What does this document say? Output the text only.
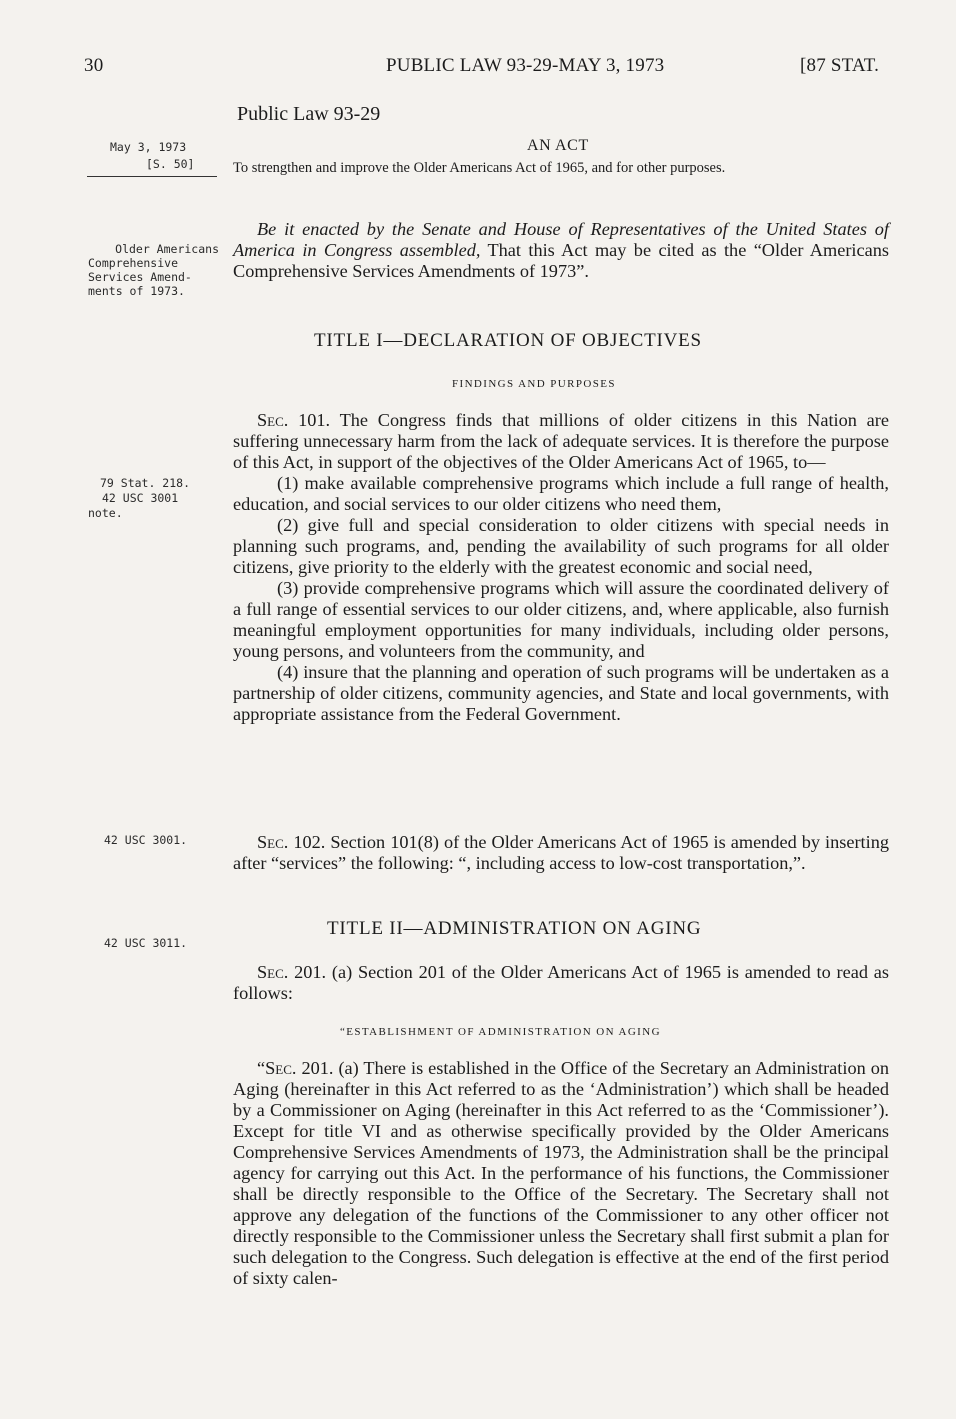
30	PUBLIC LAW 93-29-MAY 3, 1973	[87 STAT.
May 3, 1973
[S. 50]
Older Americans
Comprehensive
Services Amend-
ments of 1973.
79 Stat. 218.
42 USC 3001
note.
42 USC 3001.
42 USC 3011.
Public Law 93-29
AN ACT
To strengthen and improve the Older Americans Act of 1965, and for other purposes.

Be it enacted by the Senate and House of Representatives of the United States of America in Congress assembled, That this Act may be cited as the “Older Americans Comprehensive Services Amendments of 1973”.

TITLE I—DECLARATION OF OBJECTIVES
FINDINGS AND PURPOSES

Sec. 101. The Congress finds that millions of older citizens in this Nation are suffering unnecessary harm from the lack of adequate services. It is therefore the purpose of this Act, in support of the objectives of the Older Americans Act of 1965, to—

(1) make available comprehensive programs which include a full range of health, education, and social services to our older citizens who need them,

(2) give full and special consideration to older citizens with special needs in planning such programs, and, pending the availability of such programs for all older citizens, give priority to the elderly with the greatest economic and social need,

(3) provide comprehensive programs which will assure the coordinated delivery of a full range of essential services to our older citizens, and, where applicable, also furnish meaningful employment opportunities for many individuals, including older persons, young persons, and volunteers from the community, and

(4) insure that the planning and operation of such programs will be undertaken as a partnership of older citizens, community agencies, and State and local governments, with appropriate assistance from the Federal Government.

Sec. 102. Section 101(8) of the Older Americans Act of 1965 is amended by inserting after “services” the following: “, including access to low-cost transportation,”.

TITLE II—ADMINISTRATION ON AGING

Sec. 201. (a) Section 201 of the Older Americans Act of 1965 is amended to read as follows:

“ESTABLISHMENT OF ADMINISTRATION ON AGING

“Sec. 201. (a) There is established in the Office of the Secretary an Administration on Aging (hereinafter in this Act referred to as the ‘Administration’) which shall be headed by a Commissioner on Aging (hereinafter in this Act referred to as the ‘Commissioner’). Except for title VI and as otherwise specifically provided by the Older Americans Comprehensive Services Amendments of 1973, the Administration shall be the principal agency for carrying out this Act. In the performance of his functions, the Commissioner shall be directly responsible to the Office of the Secretary. The Secretary shall not approve any delegation of the functions of the Commissioner to any other officer not directly responsible to the Commissioner unless the Secretary shall first submit a plan for such delegation to the Congress. Such delegation is effective at the end of the first period of sixty calen-
